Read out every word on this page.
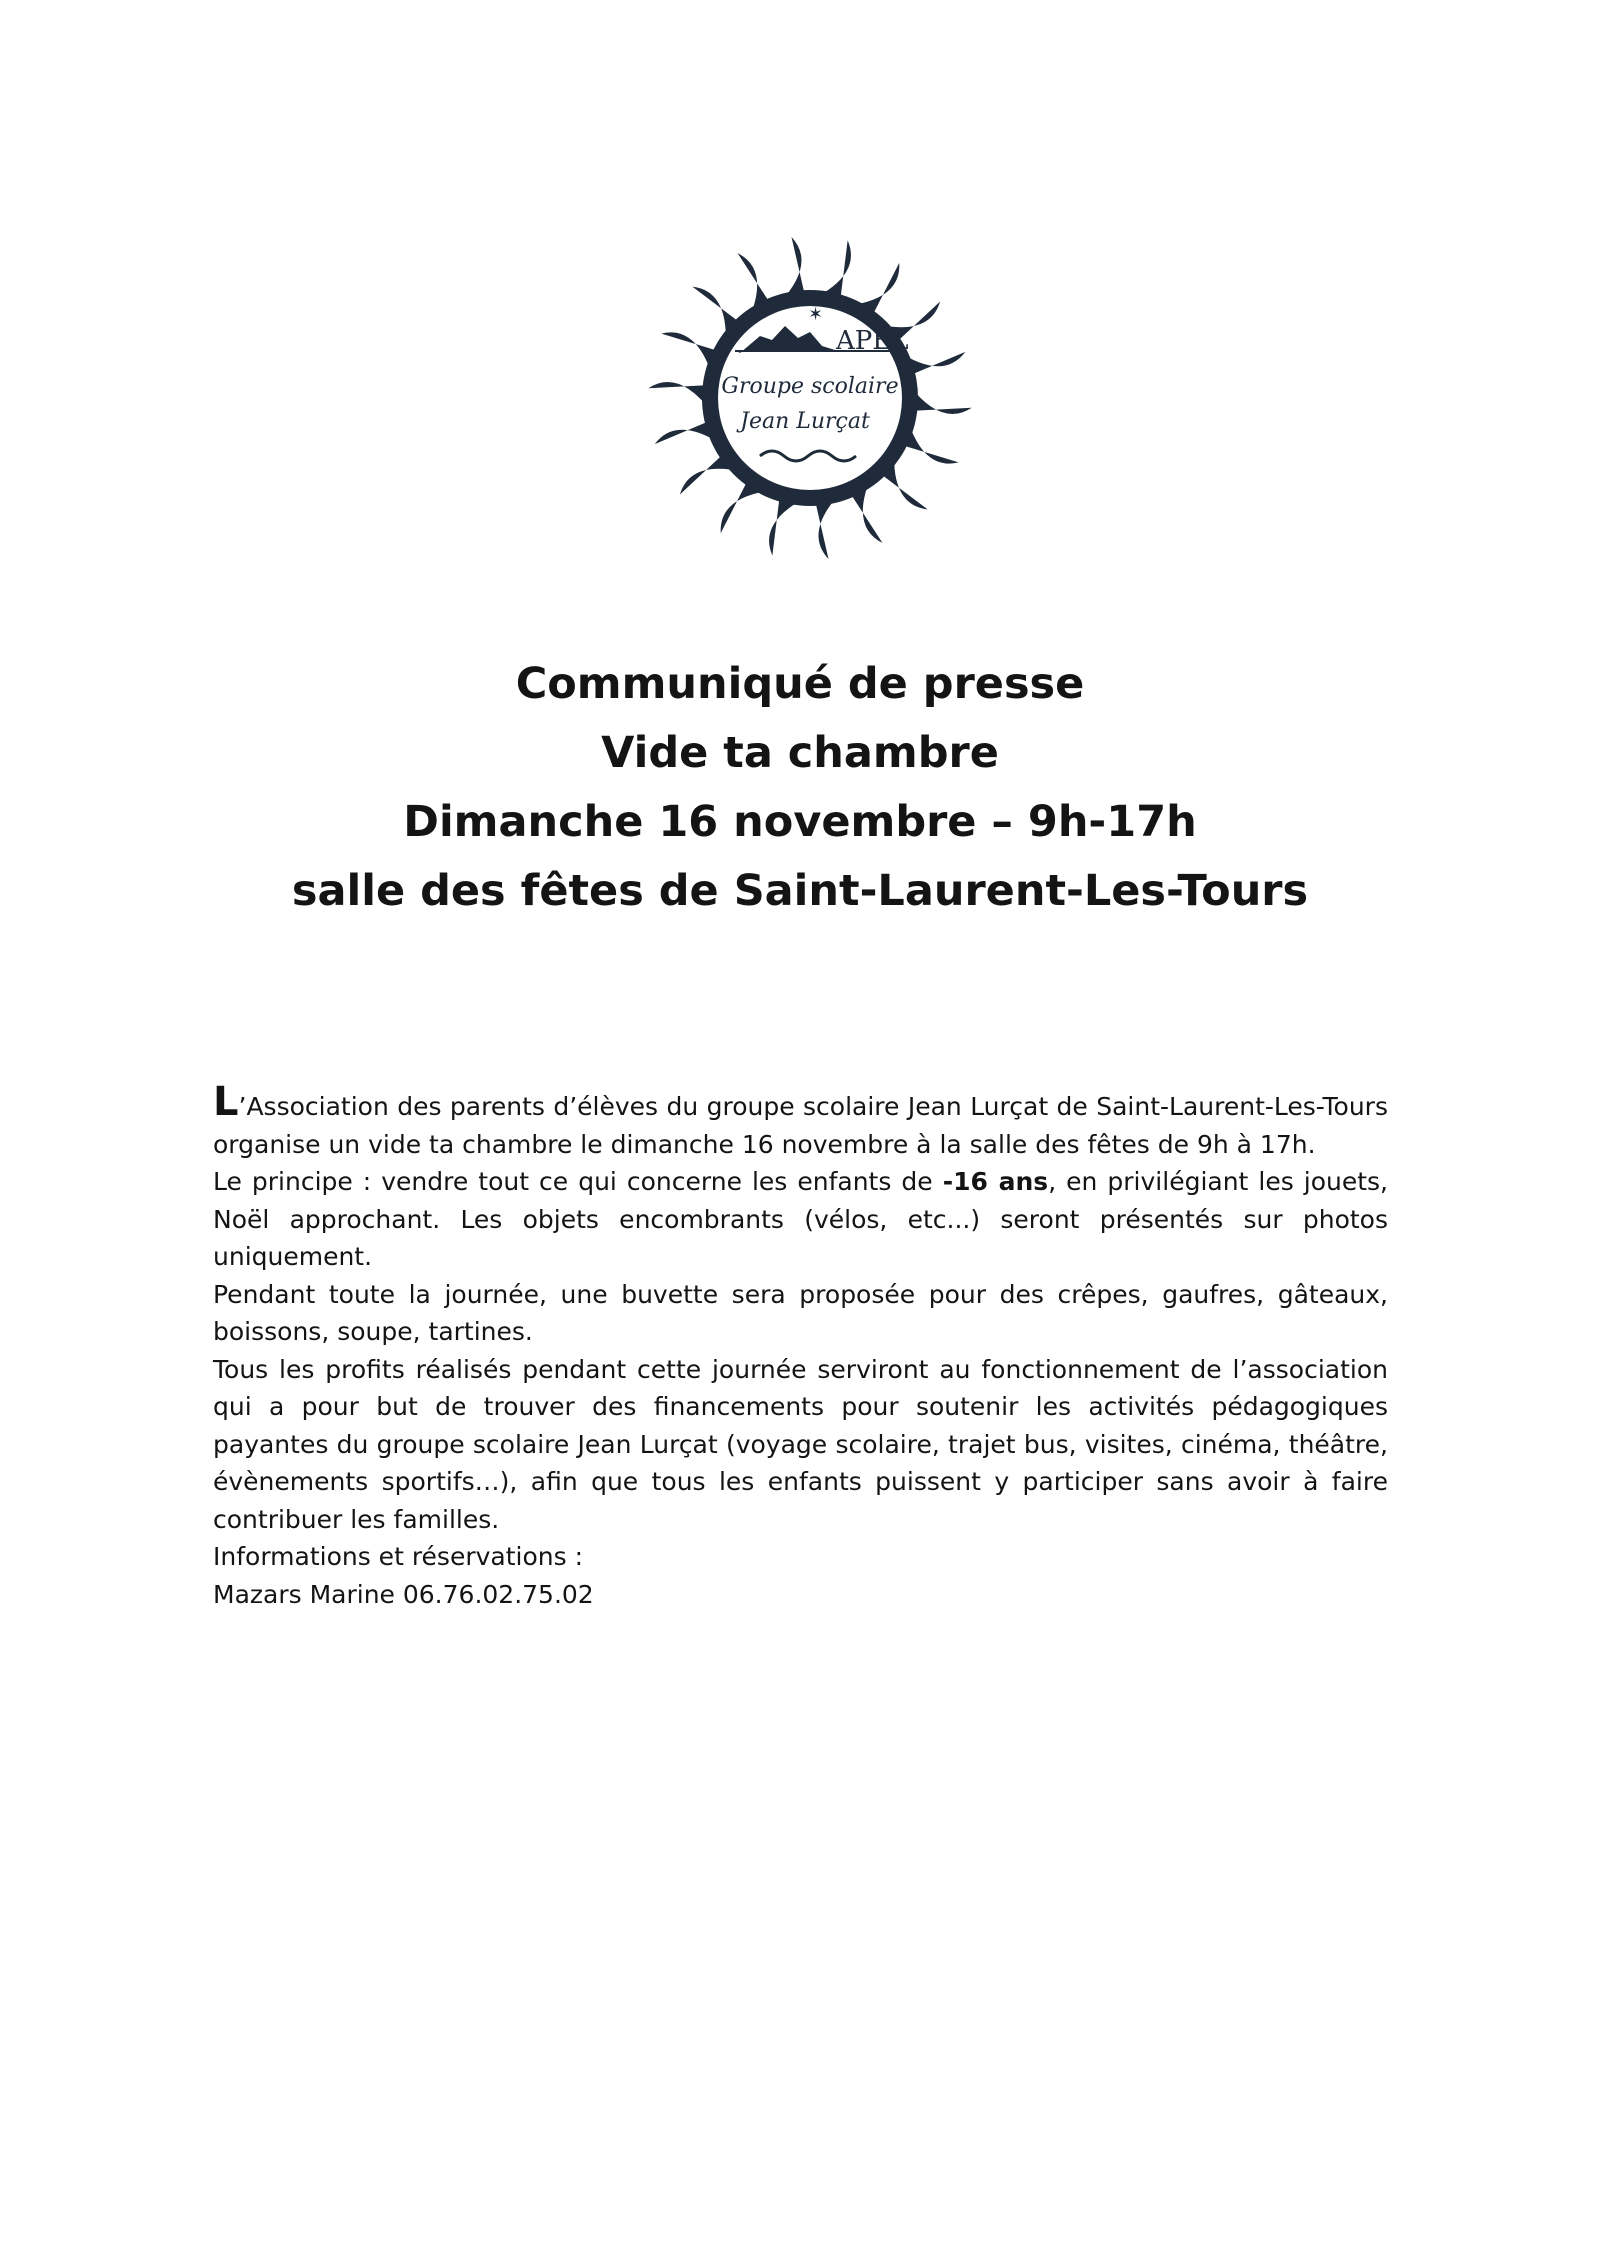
✶
APEL
Groupe scolaire
Jean Lurçat
Communiqué de presse
Vide ta chambre
Dimanche 16 novembre – 9h-17h
salle des fêtes de Saint-Laurent-Les-Tours

L’Association des parents d’élèves du groupe scolaire Jean Lurçat de Saint-Laurent-Les-Tours organise un vide ta chambre le dimanche 16 novembre à la salle des fêtes de 9h à 17h.

Le principe : vendre tout ce qui concerne les enfants de -16 ans, en privilégiant les jouets, Noël approchant. Les objets encombrants (vélos, etc...) seront présentés sur photos uniquement.

Pendant toute la journée, une buvette sera proposée pour des crêpes, gaufres, gâteaux, boissons, soupe, tartines.

Tous les profits réalisés pendant cette journée serviront au fonctionnement de l’association qui a pour but de trouver des financements pour soutenir les activités pédagogiques payantes du groupe scolaire Jean Lurçat (voyage scolaire, trajet bus, visites, cinéma, théâtre, évènements sportifs…), afin que tous les enfants puissent y participer sans avoir à faire contribuer les familles.

Informations et réservations :

Mazars Marine 06.76.02.75.02
